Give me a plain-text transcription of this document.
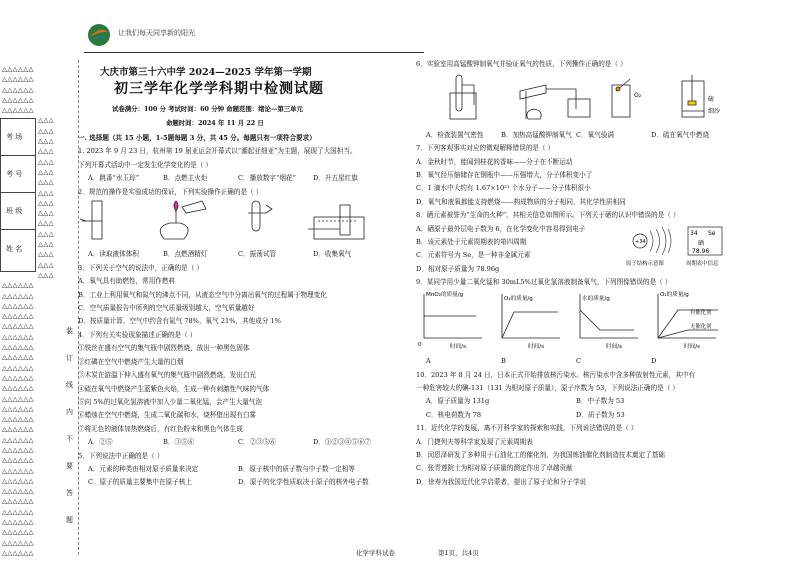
让我们每天同享新的阳光
△△△△△△
△△△△△△
△△△△△△
△△△△△△
△△△△△△
△△△
△△△
△△△
△△△
△△△
△△△
△△△
△△△
△△△
△△△
△△△
△△△
△△△
△△△
△△△
△△△
△△△△△△
△△△△△△
△△△△△△
△△△△△△
△△△△△△
△△△△△△
△△△△△△
△△△△△△
△△△△△△
△△△△△△
△△△△△△
△△△△△△
△△△△△△
△△△△△△
△△△△△△
△△△△△△
△△△△△△
△△△△△△
△△△△△△
△△△△△△
△△△△△△
△△△△△△
△△△△△△
△△△△△△
△△△△△△
△△△△△△
△△△△△△
考 场
考 号
班 级
姓 名
装
订
线
内
不
要
答
题
大庆市第三十六中学 2024—2025 学年第一学期
初三学年化学学科期中检测试题
试卷满分：100 分 考试时间：60 分钟 命题范围：绪论—第三单元
命题时间：2024 年 11 月 22 日
一. 选择题（共 15 小题，1-5题每题 3 分，共 45 分。每题只有一项符合要求）
1. 2023 年 9 月 23 日，杭州第 19 届亚运会开幕式以“潮起亚细亚”为主题，展现了大国担当。
下列开幕式活动中一定发生化学变化的是（ ）
A．跳番“水玉琮”	B．点燃主火炬	C．播放数字“烟花”	D．升五星红旗
2．规范的操作是实验成功的保证，下列实验操作正确的是（ ）
A．读取液体体积	B．点燃酒精灯	C．振荡试管	D．收集氧气
3．下列关于空气的说法中，正确的是（ ）
A．氧气具有助燃性，常用作燃料
B．工业上利用氧气和氮气的沸点不同，从液态空气中分离出氧气的过程属于物理变化
C．空气质量报告中所列的空气质量级别越大，空气质量越好
D．按质量计算，空气中约含有氮气 78%，氧气 21%，其他成分 1%
4．下列有关实验现象描述正确的是（ ）
①铁丝在盛有空气的集气瓶中剧烈燃烧，放出一种黑色固体
②红磷在空气中燃烧产生大量的白烟
③木炭在游温下伸入盛有氧气的集气瓶中剧烈燃烧，发出白光
④硫在氧气中燃烧产生蓝紫色火焰，生成一种有刺激性气味的气体
⑤向 5%的过氧化氢溶液中加入少量二氧化锰，会产生大量气泡
⑥蜡烛在空气中燃烧，生成二氧化碳和水，烧杯壁出现有白雾
⑦将无色的液体加热燃烧后，有红色粉末和黑色气体生成
A．②⑤	B．③⑤⑥	C．②③⑤⑥	D．①②③④⑤⑥⑦
5．下列说法中正确的是（ ）
A．元素的种类由相对原子质量来决定	B．原子核中的质子数与中子数一定相等
C．原子的质量主要集中在原子核上	D．原子的化学性质取决于原子的核外电子数
6．实验室用高锰酸钾制氧气并验证氧气的性质，下列操作正确的是（ ）
O₂
硫
细沙
A．检查装置气密性	B．加热高锰酸钾制氧气 C．氧气验满	D．硫在氧气中燃烧
7．下列客观事实对应的微观解释错误的是（ ）
A．金秋时节，能闻到桂花的香味——分子在不断运动
B．氧气经压缩储存在钢瓶中——压强增大，分子体积变小了
C．1 滴水中大约有 1.67×10²¹ 个水分子——分子体积很小
D．氧气和液氧都能支持燃烧——构成物质的分子相同，其化学性质相同
8．硒元素被誉为“生命的火种”，其相关信息如图所示。下列关于硒的认识中错误的是（ ）
A．硒原子最外层电子数为 6，在化学变化中容易得到电子
+34
原子结构示意图
34 Se
硒
78.96
周期表中信息
B．该元素处于元素周期表的第四周期
C．元素符号为 Se，是一种非金属元素
D．相对原子质量为 78.96g
9．某同学用少量二氧化锰和 30mL5%过氧化氢溶液制备氧气，下列图像错误的是（ ）
MnO₂的质量/g
O₂的质量/g	水的质量/g
O₂的质量/g
有催化剂
无催化剂
时间/s	时间/s	时间/s	时间/s
0
A	B	C	D
10．2023 年 8 月 24 日，日本正式开始排放核污染水。核污染水中含多种放射性元素，其中有
一种危害较大的碘-131（131 为相对原子质量），原子序数为 53，下列说法正确的是（ ）
A．原子质量为 131g	B．中子数为 53
C．核电荷数为 78	D．质子数为 53
11．近代化学的发展，离不开科学家的探索和实践，下列说法错误的是（ ）
A．门捷列夫等科学家发现了元素周期表
B．闵恩泽研发了多种用于石油化工的催化剂，为我国炼油催化剂制造技术奠定了基础
C．张青莲院士为相对原子质量的测定作出了卓越贡献
D．徐寿为我国近代化学启蒙者，提出了原子论和分子学说
化学学科试卷	第1页，共4页
